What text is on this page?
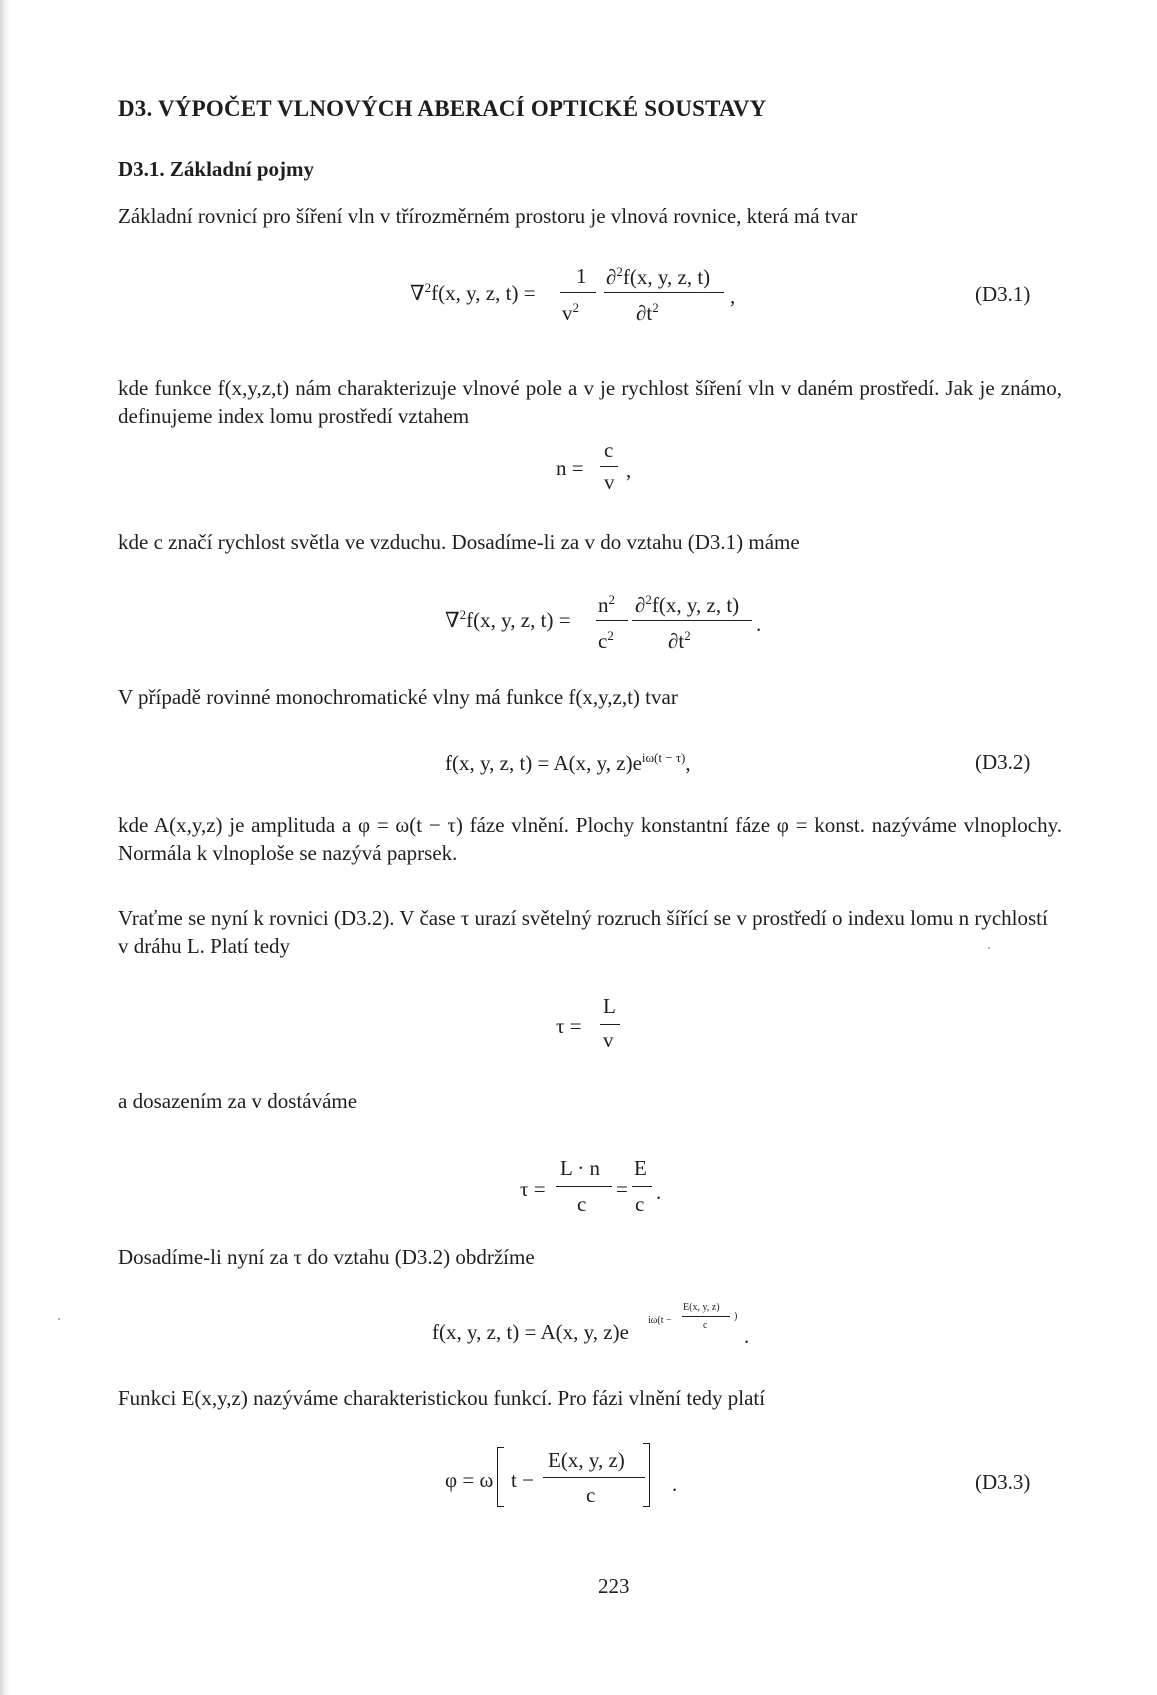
D3. VÝPOČET VLNOVÝCH ABERACÍ OPTICKÉ SOUSTAVY
D3.1. Základní pojmy
Základní rovnicí pro šíření vln v třírozměrném prostoru je vlnová rovnice, která má tvar
∇$^2$f(x, y, z, t) =
1
$v^2$
∂$^2$f(x, y, z, t)
$\partial t^2$	,	(D3.1)
kde funkce f(x,y,z,t) nám charakterizuje vlnové pole a v je rychlost šíření vln v daném prostředí. Jak je známo, definujeme index lomu prostředí vztahem
n =
c
v ,
kde c značí rychlost světla ve vzduchu. Dosadíme-li za v do vztahu (D3.1) máme
∇$^2$f(x, y, z, t) =
$n^2$
$c^2$
∂$^2$f(x, y, z, t)
$\partial t^2$	.
V případě rovinné monochromatické vlny má funkce f(x,y,z,t) tvar
f(x, y, z, t) = A(x, y, $z)e^{i\omega(t - \tau)}$,	(D3.2)
kde A(x,y,z) je amplituda a φ = ω(t − τ) fáze vlnění. Plochy konstantní fáze φ = konst. nazýváme vlnoplochy. Normála k vlnoploše se nazývá paprsek.
Vraťme se nyní k rovnici (D3.2). V čase τ urazí světelný rozruch šířící se v prostředí o indexu lomu n rychlostí v dráhu L. Platí tedy
τ =
L
v
a dosazením za v dostáváme
τ =
L · n
c
=
E
c .
Dosadíme-li nyní za τ do vztahu (D3.2) obdržíme
f(x, y, z, t) = A(x, y, z)e iω(t −
E(x, y, z)
c
)
.
Funkci E(x,y,z) nazýváme charakteristickou funkcí. Pro fázi vlnění tedy platí
φ = ω t −
E(x, y, z)
c	.	(D3.3)
223
